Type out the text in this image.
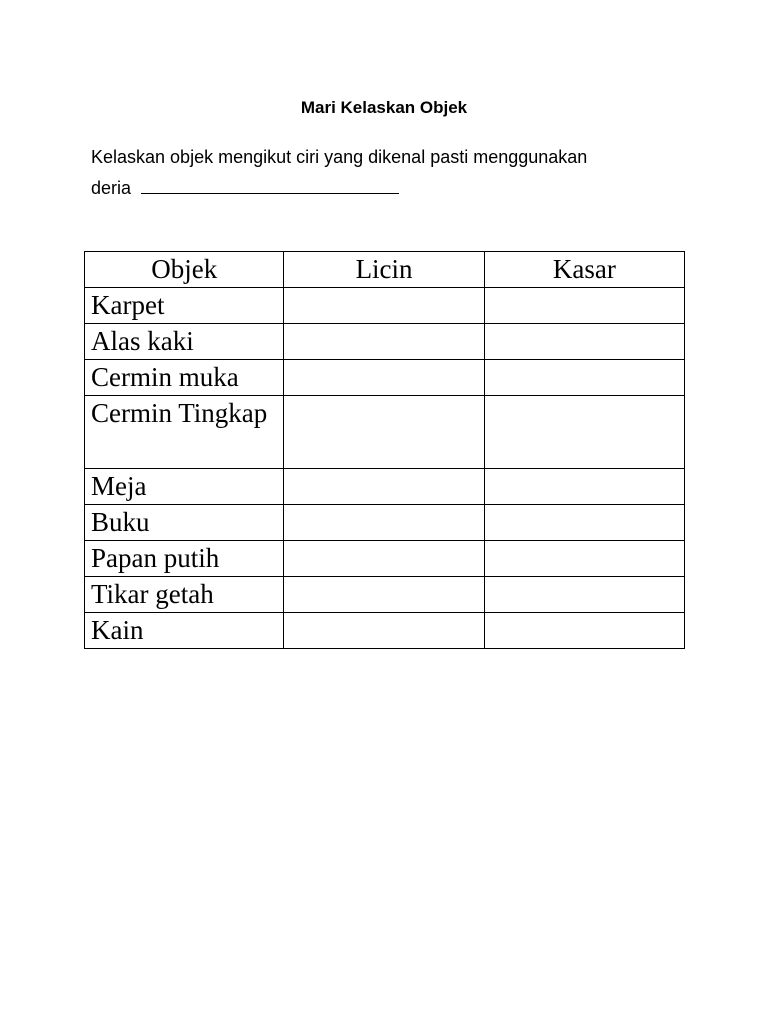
Mari Kelaskan Objek
Kelaskan objek mengikut ciri yang dikenal pasti menggunakan
deria
Objek	Licin	Kasar
Karpet		
Alas kaki		
Cermin muka		
Cermin Tingkap		
Meja		
Buku		
Papan putih		
Tikar getah		
Kain		
